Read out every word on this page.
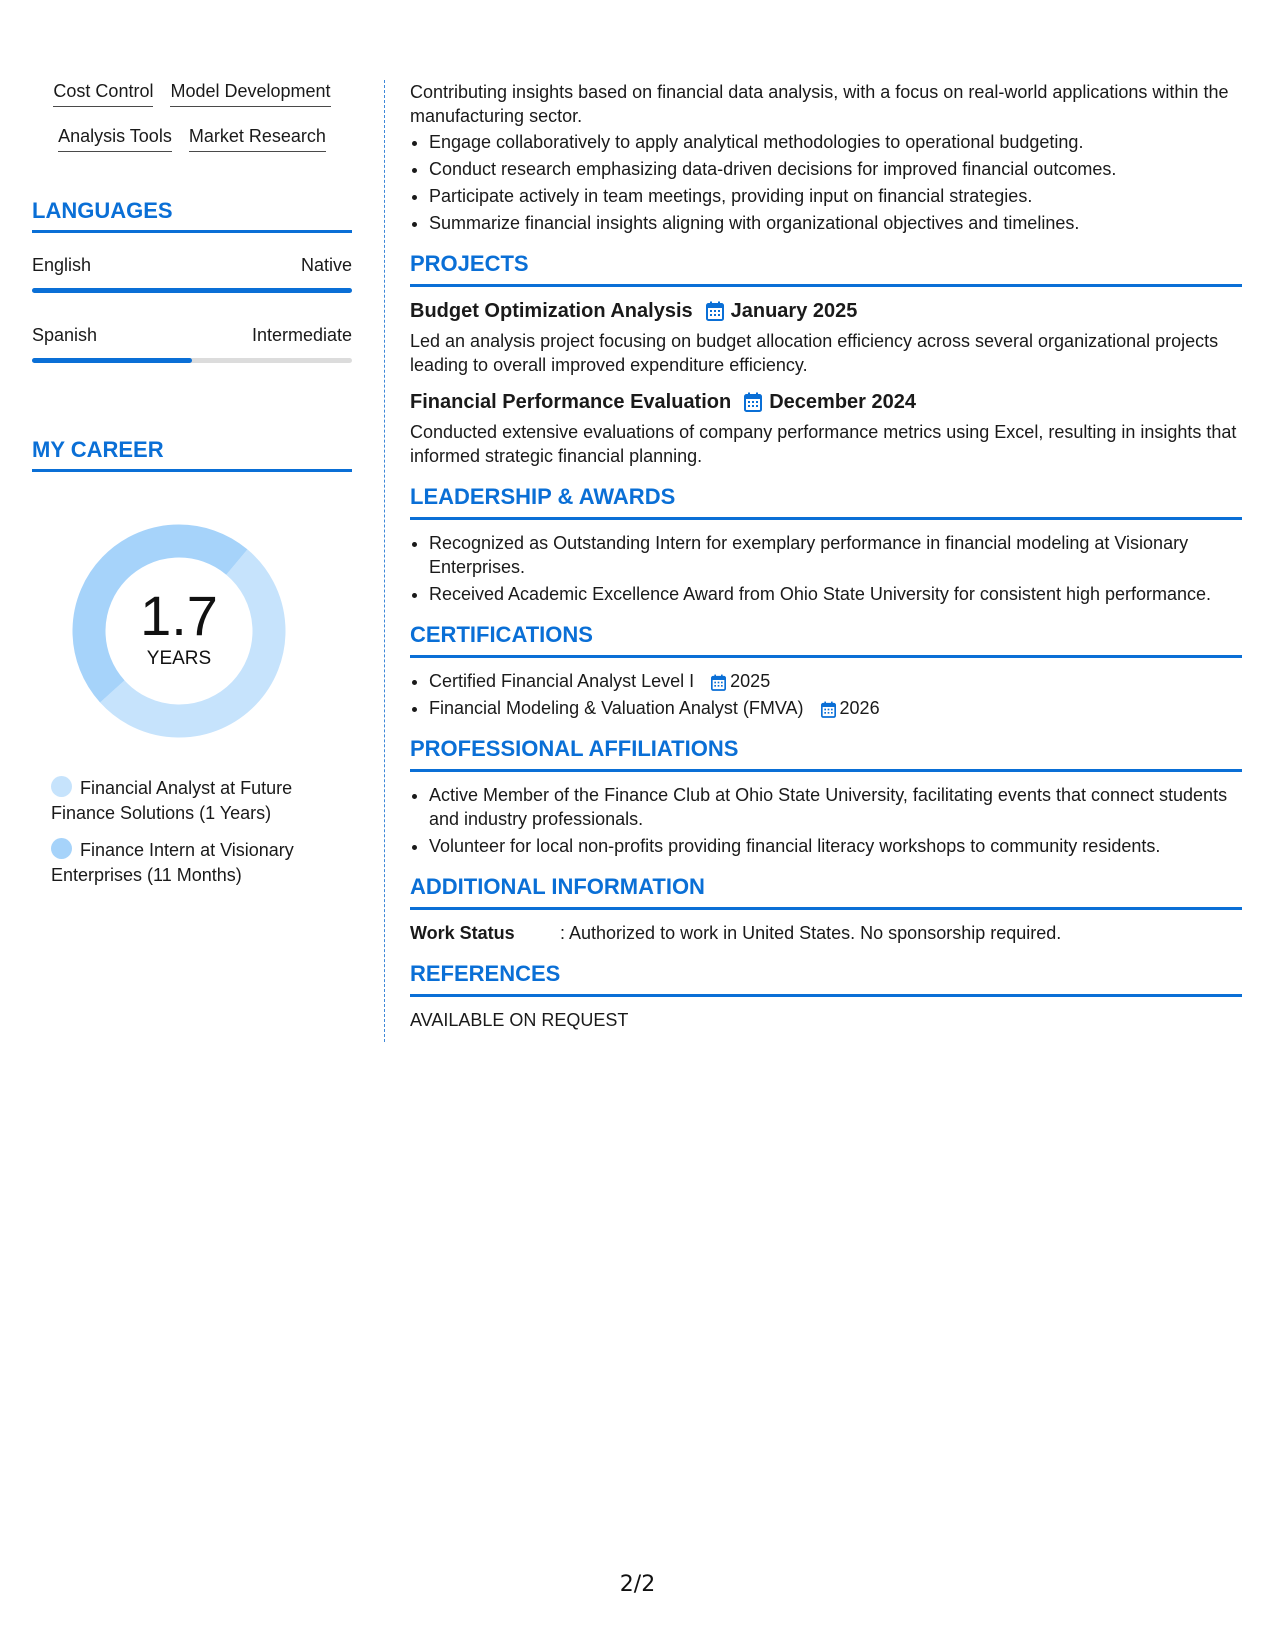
Cost Control Model Development
Analysis Tools Market Research
LANGUAGES
English	Native
Spanish	Intermediate
MY CAREER
1.7
YEARS
Financial Analyst at Future Finance Solutions (1 Years)
Finance Intern at Visionary Enterprises (11 Months)

Contributing insights based on financial data analysis, with a focus on real-world applications within the manufacturing sector.

• Engage collaboratively to apply analytical methodologies to operational budgeting.
• Conduct research emphasizing data-driven decisions for improved financial outcomes.
• Participate actively in team meetings, providing input on financial strategies.
• Summarize financial insights aligning with organizational objectives and timelines.
PROJECTS
Budget Optimization Analysis January 2025

Led an analysis project focusing on budget allocation efficiency across several organizational projects leading to overall improved expenditure efficiency.

Financial Performance Evaluation December 2024

Conducted extensive evaluations of company performance metrics using Excel, resulting in insights that informed strategic financial planning.

LEADERSHIP & AWARDS
• Recognized as Outstanding Intern for exemplary performance in financial modeling at Visionary Enterprises.
• Received Academic Excellence Award from Ohio State University for consistent high performance.
CERTIFICATIONS
• Certified Financial Analyst Level I 2025
• Financial Modeling & Valuation Analyst (FMVA) 2026
PROFESSIONAL AFFILIATIONS
• Active Member of the Finance Club at Ohio State University, facilitating events that connect students and industry professionals.
• Volunteer for local non-profits providing financial literacy workshops to community residents.
ADDITIONAL INFORMATION

Work Status	: Authorized to work in United States. No sponsorship required.

REFERENCES

AVAILABLE ON REQUEST

2/2
